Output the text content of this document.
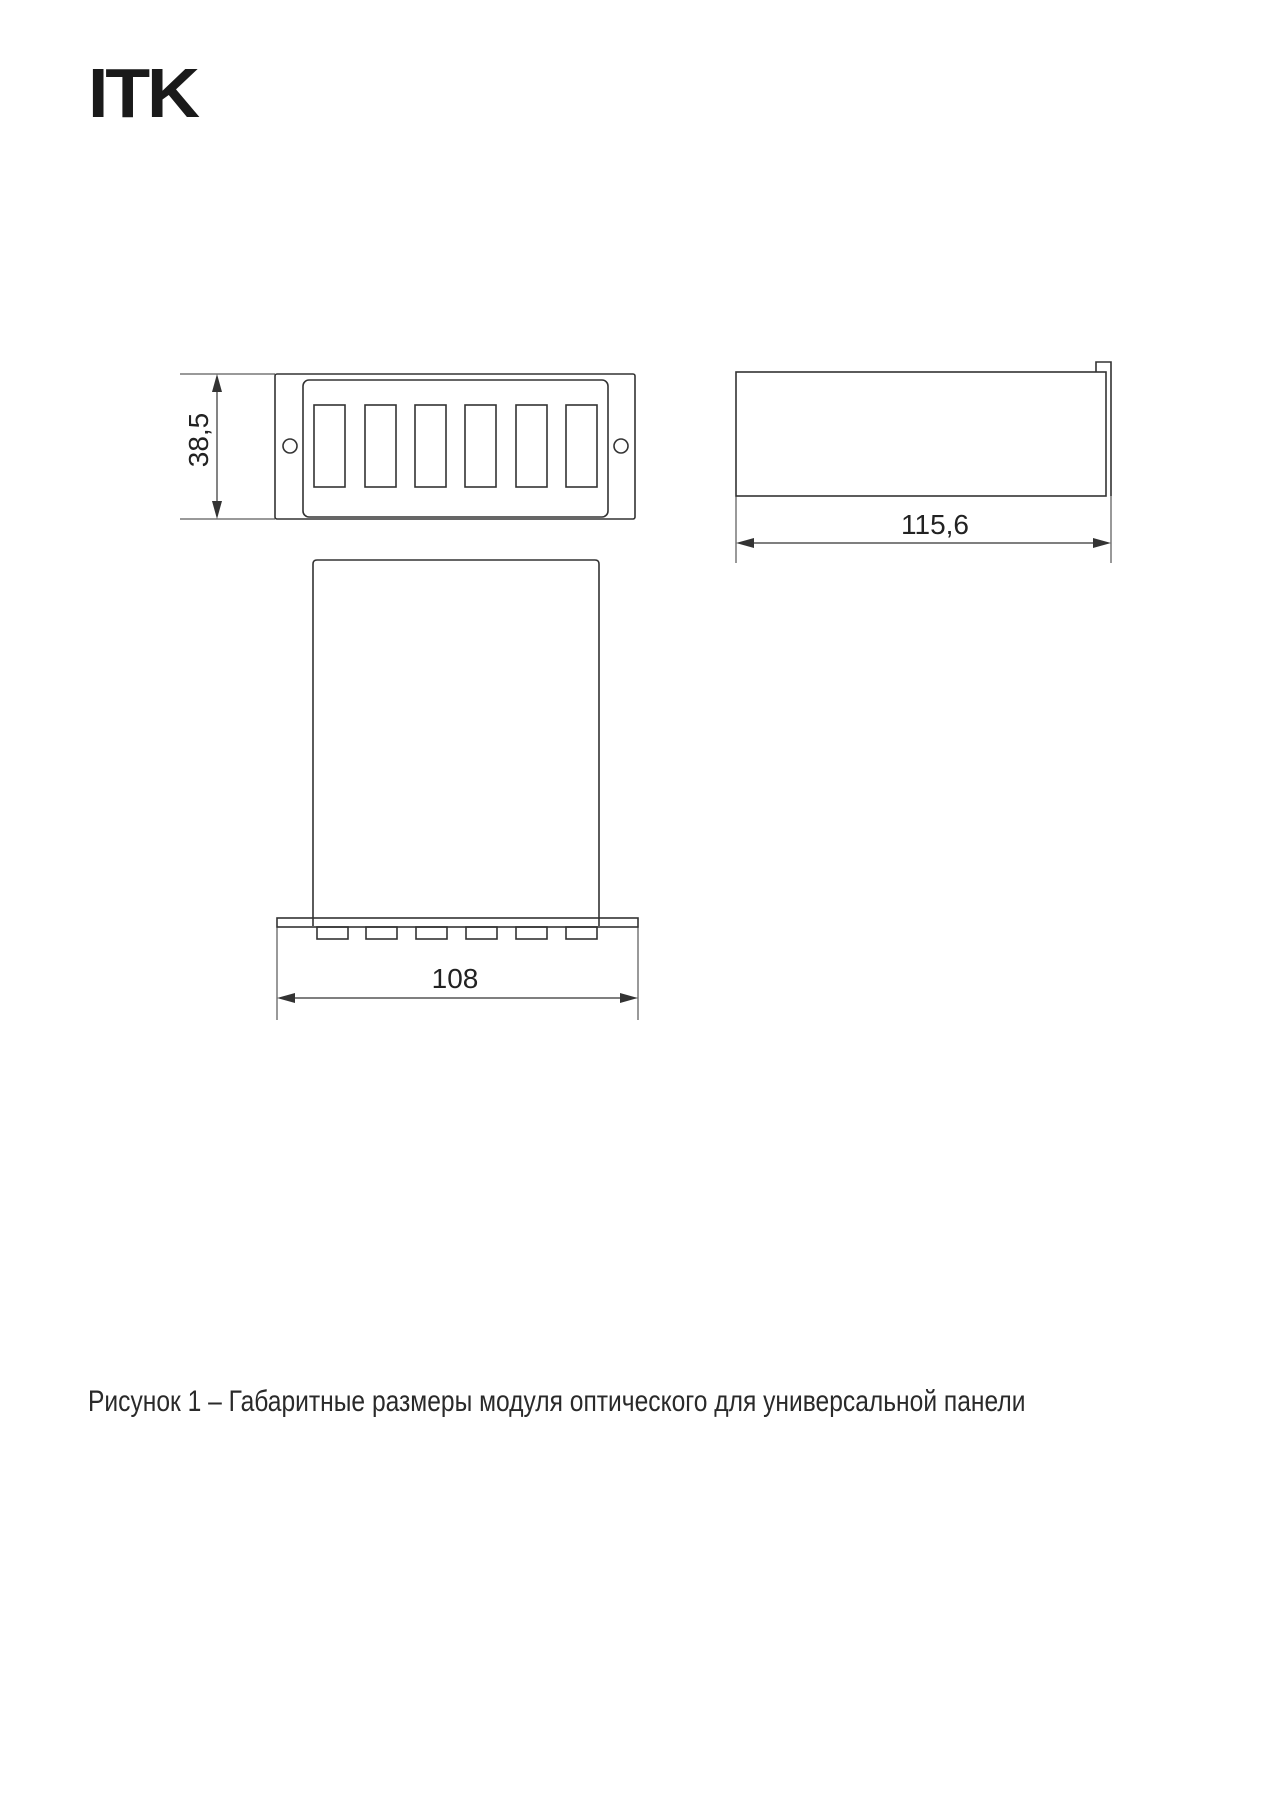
ITK
38,5
115,6
108
Рисунок 1 – Габаритные размеры модуля оптического для универсальной панели
